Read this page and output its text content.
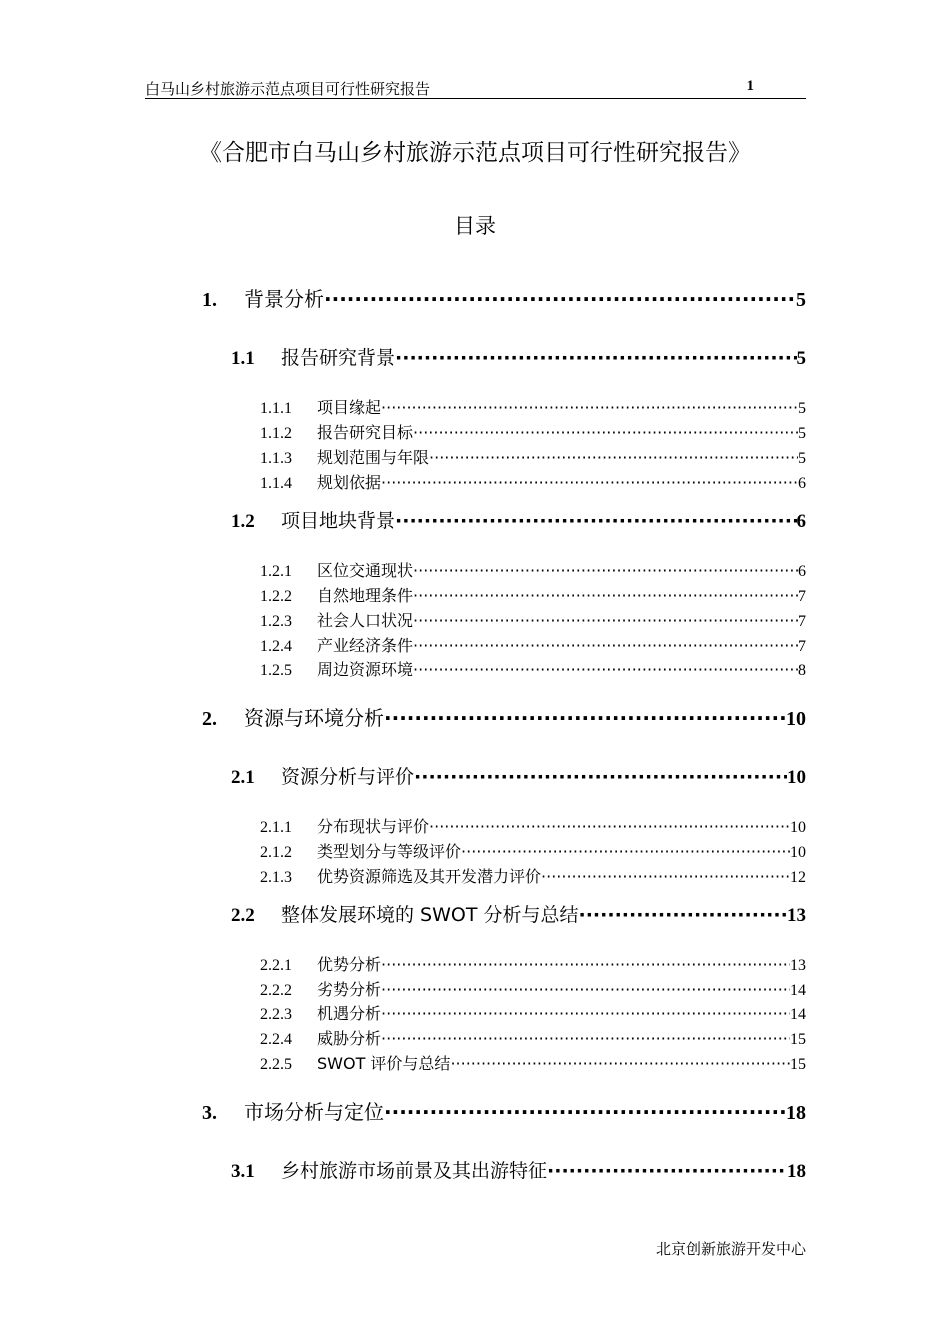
白马山乡村旅游示范点项目可行性研究报告	1
《合肥市白马山乡村旅游示范点项目可行性研究报告》
目录
1.	背景分析 ·····	5
1.1	报告研究背景 ·····	5
1.1.1	项目缘起 ·····	5
1.1.2	报告研究目标 ·····	5
1.1.3	规划范围与年限 ·····	5
1.1.4	规划依据 ·····	6
1.2	项目地块背景 ·····	6
1.2.1	区位交通现状 ·····	6
1.2.2	自然地理条件 ·····	7
1.2.3	社会人口状况 ·····	7
1.2.4	产业经济条件 ·····	7
1.2.5	周边资源环境 ·····	8
2.	资源与环境分析 ·····	10
2.1	资源分析与评价 ·····	10
2.1.1	分布现状与评价 ·····	10
2.1.2	类型划分与等级评价 ·····	10
2.1.3	优势资源筛选及其开发潜力评价 ·····	12
2.2	整体发展环境的 SWOT 分析与总结 ·····	13
2.2.1	优势分析 ·····	13
2.2.2	劣势分析 ·····	14
2.2.3	机遇分析 ·····	14
2.2.4	威胁分析 ·····	15
2.2.5	SWOT 评价与总结 ·····	15
3.	市场分析与定位 ·····	18
3.1	乡村旅游市场前景及其出游特征 ·····	18
北京创新旅游开发中心
